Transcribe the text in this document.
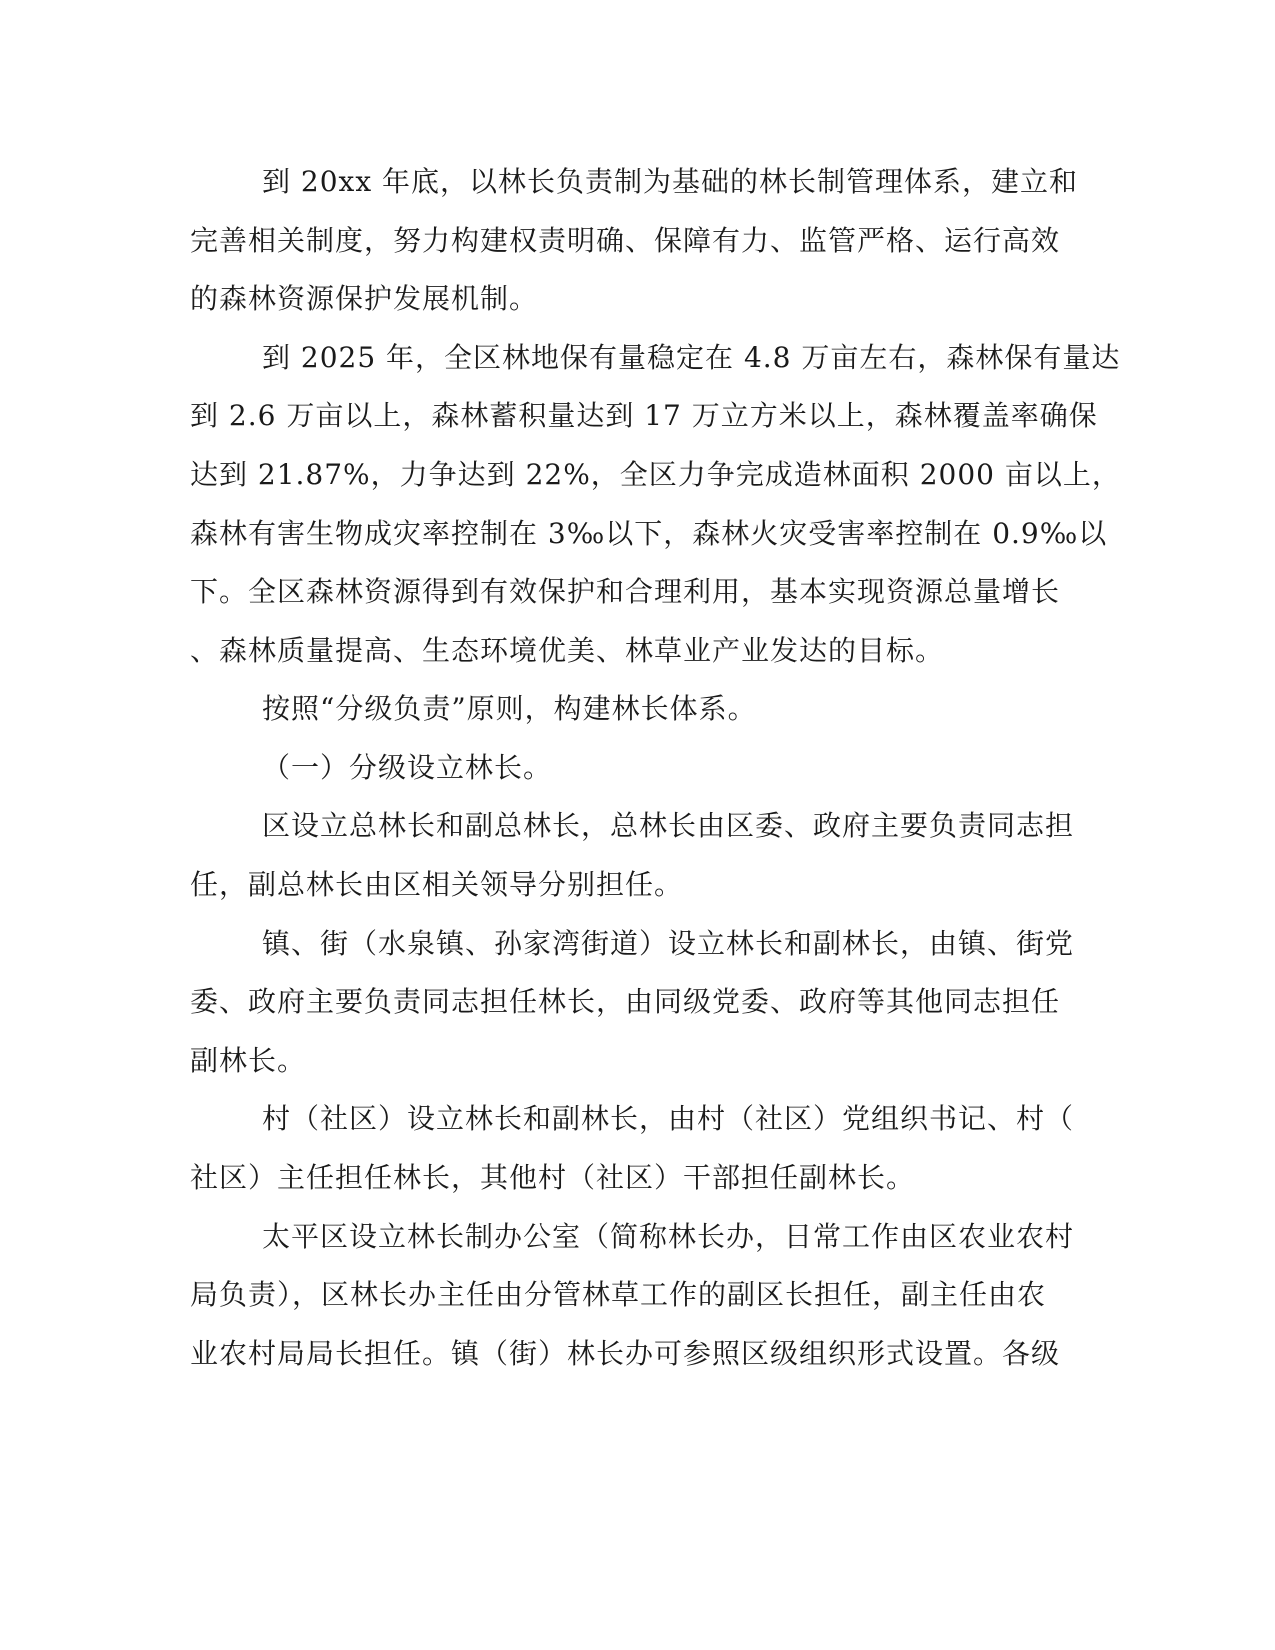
到 20xx 年底，以林长负责制为基础的林长制管理体系，建立和
完善相关制度，努力构建权责明确、保障有力、监管严格、运行高效
的森林资源保护发展机制。
到 2025 年，全区林地保有量稳定在 4.8 万亩左右，森林保有量达
到 2.6 万亩以上，森林蓄积量达到 17 万立方米以上，森林覆盖率确保
达到 21.87%，力争达到 22%，全区力争完成造林面积 2000 亩以上，
森林有害生物成灾率控制在 3‰以下，森林火灾受害率控制在 0.9‰以
下。全区森林资源得到有效保护和合理利用，基本实现资源总量增长
、森林质量提高、生态环境优美、林草业产业发达的目标。
按照“分级负责”原则，构建林长体系。
（一）分级设立林长。
区设立总林长和副总林长，总林长由区委、政府主要负责同志担
任，副总林长由区相关领导分别担任。
镇、街（水泉镇、孙家湾街道）设立林长和副林长，由镇、街党
委、政府主要负责同志担任林长，由同级党委、政府等其他同志担任
副林长。
村（社区）设立林长和副林长，由村（社区）党组织书记、村（
社区）主任担任林长，其他村（社区）干部担任副林长。
太平区设立林长制办公室（简称林长办，日常工作由区农业农村
局负责），区林长办主任由分管林草工作的副区长担任，副主任由农
业农村局局长担任。镇（街）林长办可参照区级组织形式设置。各级
